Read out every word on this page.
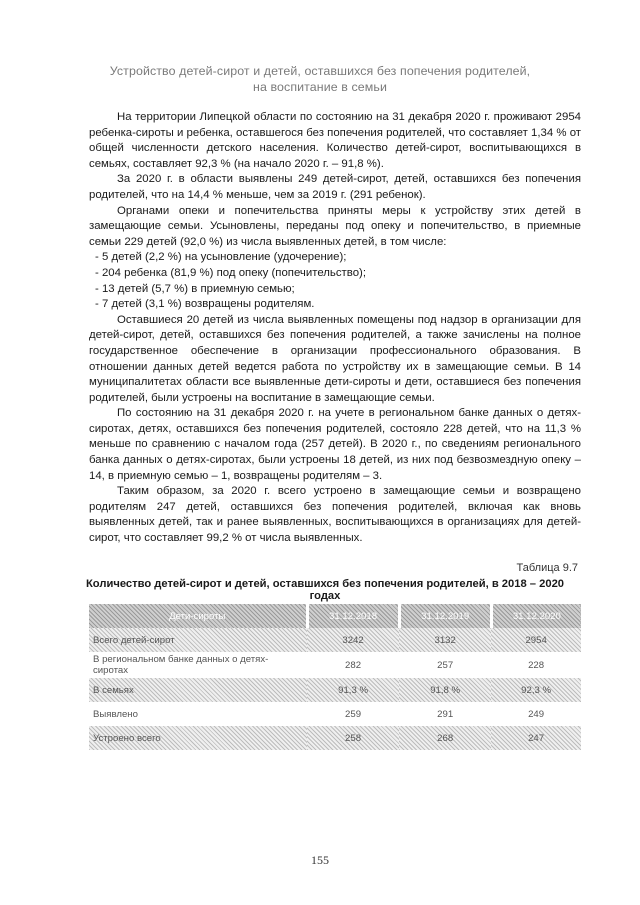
Устройство детей-сирот и детей, оставшихся без попечения родителей,
на воспитание в семьи

На территории Липецкой области по состоянию на 31 декабря 2020 г. проживают 2954 ребенка-сироты и ребенка, оставшегося без попечения родителей, что составляет 1,34 % от общей численности детского населения. Количество детей-сирот, воспитывающихся в семьях, составляет 92,3 % (на начало 2020 г. – 91,8 %).

За 2020 г. в области выявлены 249 детей-сирот, детей, оставшихся без попечения родителей, что на 14,4 % меньше, чем за 2019 г. (291 ребенок).

Органами опеки и попечительства приняты меры к устройству этих детей в замещающие семьи. Усыновлены, переданы под опеку и попечительство, в приемные семьи 229 детей (92,0 %) из числа выявленных детей, в том числе:

- 5 детей (2,2 %) на усыновление (удочерение);

- 204 ребенка (81,9 %) под опеку (попечительство);

- 13 детей (5,7 %) в приемную семью;

- 7 детей (3,1 %) возвращены родителям.

Оставшиеся 20 детей из числа выявленных помещены под надзор в организации для детей-сирот, детей, оставшихся без попечения родителей, а также зачислены на полное государственное обеспечение в организации профессионального образования. В отношении данных детей ведется работа по устройству их в замещающие семьи. В 14 муниципалитетах области все выявленные дети-сироты и дети, оставшиеся без попечения родителей, были устроены на воспитание в замещающие семьи.

По состоянию на 31 декабря 2020 г. на учете в региональном банке данных о детях-сиротах, детях, оставшихся без попечения родителей, состояло 228 детей, что на 11,3 % меньше по сравнению с началом года (257 детей). В 2020 г., по сведениям регионального банка данных о детях-сиротах, были устроены 18 детей, из них под безвозмездную опеку – 14, в приемную семью – 1, возвращены родителям – 3.

Таким образом, за 2020 г. всего устроено в замещающие семьи и возвращено родителям 247 детей, оставшихся без попечения родителей, включая как вновь выявленных детей, так и ранее выявленных, воспитывающихся в организациях для детей-сирот, что составляет 99,2 % от числа выявленных.

Таблица 9.7
Количество детей-сирот и детей, оставшихся без попечения родителей, в 2018 – 2020 годах
Дети-сироты	31.12.2018	31.12.2019	31.12.2020
Всего детей-сирот	3242	3132	2954
В региональном банке данных о детях-сиротах	282	257	228
В семьях	91,3 %	91,8 %	92,3 %
Выявлено	259	291	249
Устроено всего	258	268	247
155
